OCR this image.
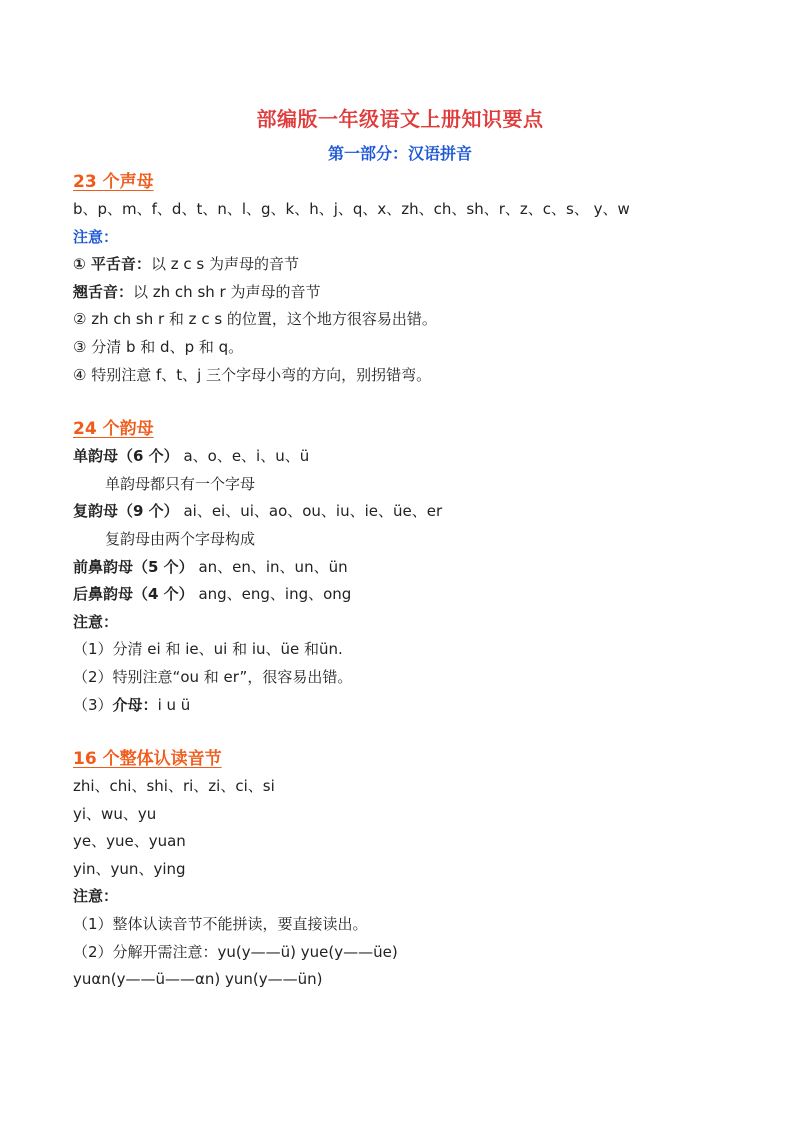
部编版一年级语文上册知识要点
第一部分：汉语拼音
23 个声母
b、p、m、f、d、t、n、l、g、k、h、j、q、x、zh、ch、sh、r、z、c、s、 y、w
注意：
① 平舌音：以 z c s 为声母的音节
翘舌音：以 zh ch sh r 为声母的音节
② zh ch sh r 和 z c s 的位置，这个地方很容易出错。
③ 分清 b 和 d、p 和 q。
④ 特别注意 f、t、j 三个字母小弯的方向，别拐错弯。
24 个韵母
单韵母（6 个） a、o、e、i、u、ü
单韵母都只有一个字母
复韵母（9 个） ai、ei、ui、ao、ou、iu、ie、üe、er
复韵母由两个字母构成
前鼻韵母（5 个） an、en、in、un、ün
后鼻韵母（4 个） ang、eng、ing、ong
注意：
（1）分清 ei 和 ie、ui 和 iu、üe 和ün.
（2）特别注意“ou 和 er”，很容易出错。
（3）介母：i u ü
16 个整体认读音节
zhi、chi、shi、ri、zi、ci、si
yi、wu、yu
ye、yue、yuan
yin、yun、ying
注意：
（1）整体认读音节不能拼读，要直接读出。
（2）分解开需注意：yu(y——ü) yue(y——üe)
yuαn(y——ü——αn) yun(y——ün)
